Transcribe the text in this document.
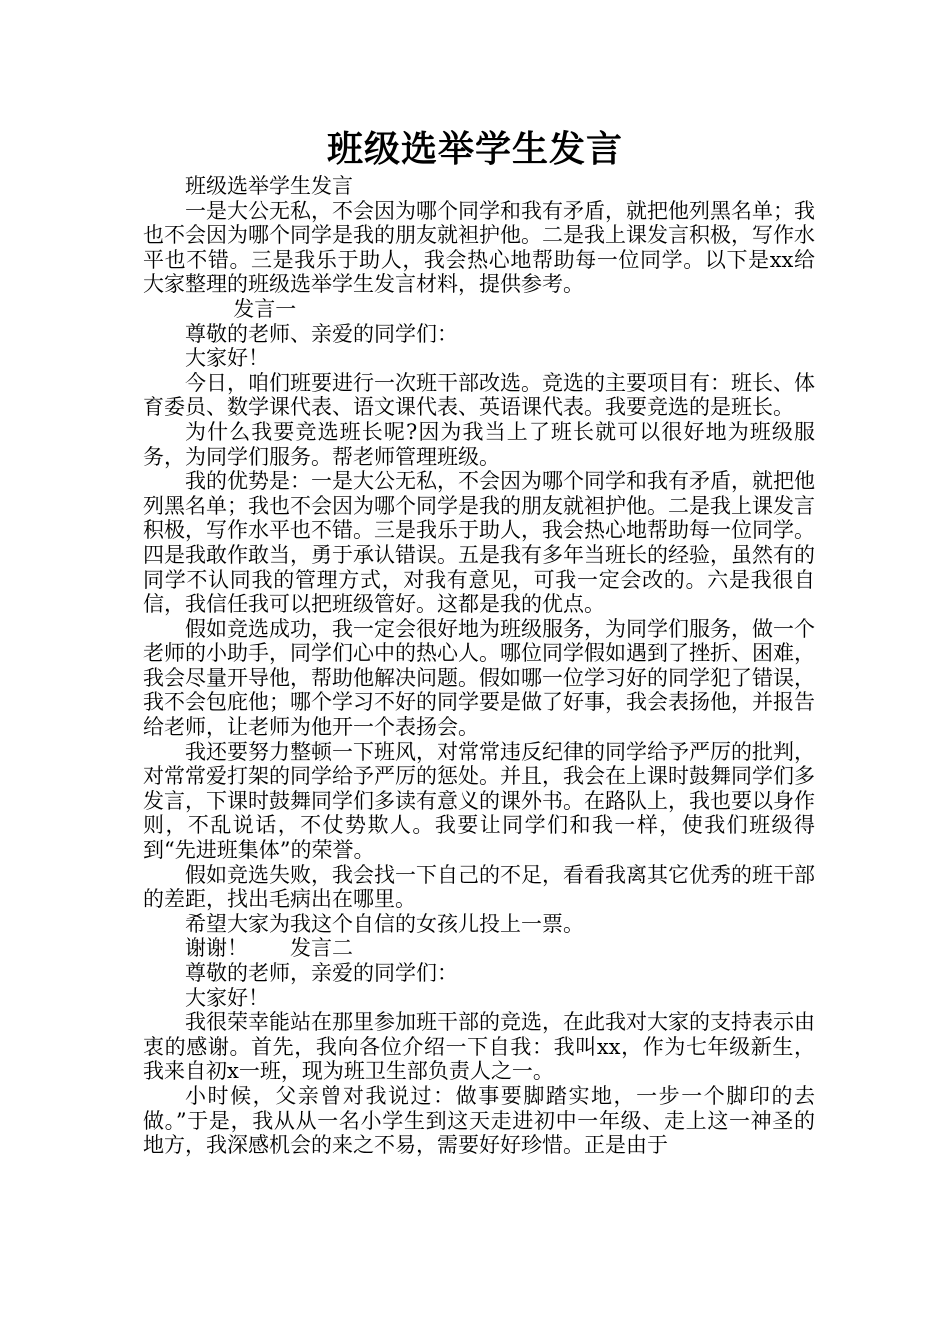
班级选举学生发言

班级选举学生发言

一是大公无私，不会因为哪个同学和我有矛盾，就把他列黑名单；我也不会因为哪个同学是我的朋友就袒护他。二是我上课发言积极，写作水平也不错。三是我乐于助人，我会热心地帮助每一位同学。以下是xx给大家整理的班级选举学生发言材料，提供参考。

发言一

尊敬的老师、亲爱的同学们：

大家好！

今日，咱们班要进行一次班干部改选。竞选的主要项目有：班长、体育委员、数学课代表、语文课代表、英语课代表。我要竞选的是班长。

为什么我要竞选班长呢?因为我当上了班长就可以很好地为班级服务，为同学们服务。帮老师管理班级。

我的优势是：一是大公无私，不会因为哪个同学和我有矛盾，就把他列黑名单；我也不会因为哪个同学是我的朋友就袒护他。二是我上课发言积极，写作水平也不错。三是我乐于助人，我会热心地帮助每一位同学。四是我敢作敢当，勇于承认错误。五是我有多年当班长的经验，虽然有的同学不认同我的管理方式，对我有意见，可我一定会改的。六是我很自信，我信任我可以把班级管好。这都是我的优点。

假如竞选成功，我一定会很好地为班级服务，为同学们服务，做一个老师的小助手，同学们心中的热心人。哪位同学假如遇到了挫折、困难，我会尽量开导他，帮助他解决问题。假如哪一位学习好的同学犯了错误，我不会包庇他；哪个学习不好的同学要是做了好事，我会表扬他，并报告给老师，让老师为他开一个表扬会。

我还要努力整顿一下班风，对常常违反纪律的同学给予严厉的批判，对常常爱打架的同学给予严厉的惩处。并且，我会在上课时鼓舞同学们多发言，下课时鼓舞同学们多读有意义的课外书。在路队上，我也要以身作则，不乱说话，不仗势欺人。我要让同学们和我一样，使我们班级得到“先进班集体”的荣誉。

假如竞选失败，我会找一下自己的不足，看看我离其它优秀的班干部的差距，找出毛病出在哪里。

希望大家为我这个自信的女孩儿投上一票。

谢谢！　　发言二

尊敬的老师，亲爱的同学们：

大家好！

我很荣幸能站在那里参加班干部的竞选，在此我对大家的支持表示由衷的感谢。首先，我向各位介绍一下自我：我叫xx，作为七年级新生，我来自初x一班，现为班卫生部负责人之一。

小时候，父亲曾对我说过：做事要脚踏实地，一步一个脚印的去做。”于是，我从从一名小学生到这天走进初中一年级、走上这一神圣的地方，我深感机会的来之不易，需要好好珍惜。正是由于
